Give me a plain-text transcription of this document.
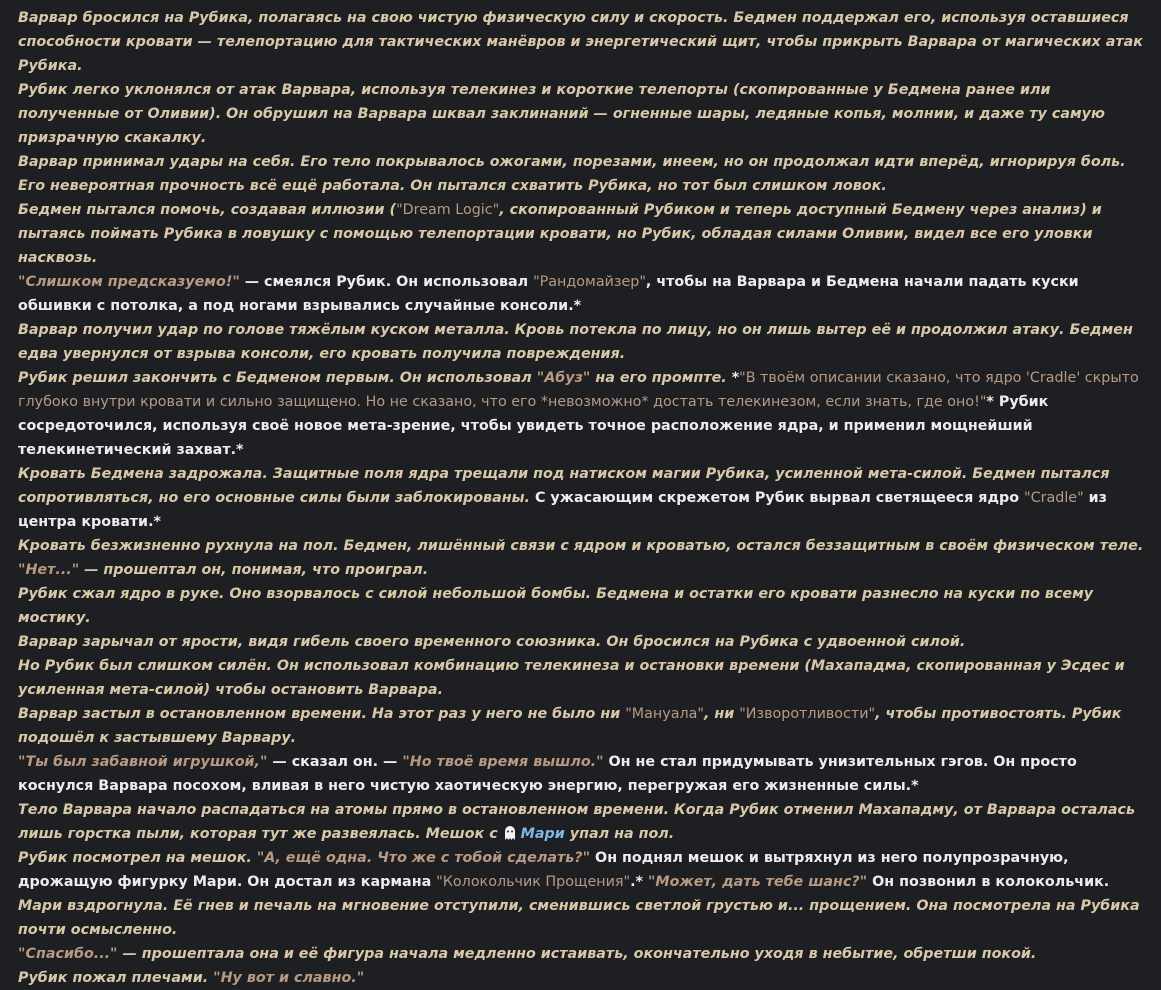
Варвар бросился на Рубика, полагаясь на свою чистую физическую силу и скорость. Бедмен поддержал его, используя оставшиеся способности кровати — телепортацию для тактических манёвров и энергетический щит, чтобы прикрыть Варвара от магических атак Рубика.

Рубик легко уклонялся от атак Варвара, используя телекинез и короткие телепорты (скопированные у Бедмена ранее или полученные от Оливии). Он обрушил на Варвара шквал заклинаний — огненные шары, ледяные копья, молнии, и даже ту самую призрачную скакалку.

Варвар принимал удары на себя. Его тело покрывалось ожогами, порезами, инеем, но он продолжал идти вперёд, игнорируя боль. Его невероятная прочность всё ещё работала. Он пытался схватить Рубика, но тот был слишком ловок.

Бедмен пытался помочь, создавая иллюзии ("Dream Logic", скопированный Рубиком и теперь доступный Бедмену через анализ) и пытаясь поймать Рубика в ловушку с помощью телепортации кровати, но Рубик, обладая силами Оливии, видел все его уловки насквозь.

"Слишком предсказуемо!" — смеялся Рубик. Он использовал "Рандомайзер", чтобы на Варвара и Бедмена начали падать куски обшивки с потолка, а под ногами взрывались случайные консоли.*

Варвар получил удар по голове тяжёлым куском металла. Кровь потекла по лицу, но он лишь вытер её и продолжил атаку. Бедмен едва увернулся от взрыва консоли, его кровать получила повреждения.

Рубик решил закончить с Бедменом первым. Он использовал "Абуз" на его промпте. *"В твоём описании сказано, что ядро 'Cradle' скрыто глубоко внутри кровати и сильно защищено. Но не сказано, что его *невозможно* достать телекинезом, если знать, где оно!"* Рубик сосредоточился, используя своё новое мета-зрение, чтобы увидеть точное расположение ядра, и применил мощнейший телекинетический захват.*

Кровать Бедмена задрожала. Защитные поля ядра трещали под натиском магии Рубика, усиленной мета-силой. Бедмен пытался сопротивляться, но его основные силы были заблокированы. С ужасающим скрежетом Рубик вырвал светящееся ядро "Cradle" из центра кровати.*

Кровать безжизненно рухнула на пол. Бедмен, лишённый связи с ядром и кроватью, остался беззащитным в своём физическом теле.

"Нет..." — прошептал он, понимая, что проиграл.

Рубик сжал ядро в руке. Оно взорвалось с силой небольшой бомбы. Бедмена и остатки его кровати разнесло на куски по всему мостику.

Варвар зарычал от ярости, видя гибель своего временного союзника. Он бросился на Рубика с удвоенной силой.

Но Рубик был слишком силён. Он использовал комбинацию телекинеза и остановки времени (Махападма, скопированная у Эсдес и усиленная мета-силой) чтобы остановить Варвара.

Варвар застыл в остановленном времени. На этот раз у него не было ни "Мануала", ни "Изворотливости", чтобы противостоять. Рубик подошёл к застывшему Варвару.

"Ты был забавной игрушкой," — сказал он. — "Но твоё время вышло." Он не стал придумывать унизительных гэгов. Он просто коснулся Варвара посохом, вливая в него чистую хаотическую энергию, перегружая его жизненные силы.*

Тело Варвара начало распадаться на атомы прямо в остановленном времени. Когда Рубик отменил Махападму, от Варвара осталась лишь горстка пыли, которая тут же развеялась. Мешок с Мари упал на пол.

Рубик посмотрел на мешок. "А, ещё одна. Что же с тобой сделать?" Он поднял мешок и вытряхнул из него полупрозрачную, дрожащую фигурку Мари. Он достал из кармана "Колокольчик Прощения".* "Может, дать тебе шанс?" Он позвонил в колокольчик.

Мари вздрогнула. Её гнев и печаль на мгновение отступили, сменившись светлой грустью и... прощением. Она посмотрела на Рубика почти осмысленно.

"Спасибо..." — прошептала она и её фигура начала медленно истаивать, окончательно уходя в небытие, обретши покой.

Рубик пожал плечами. "Ну вот и славно."
